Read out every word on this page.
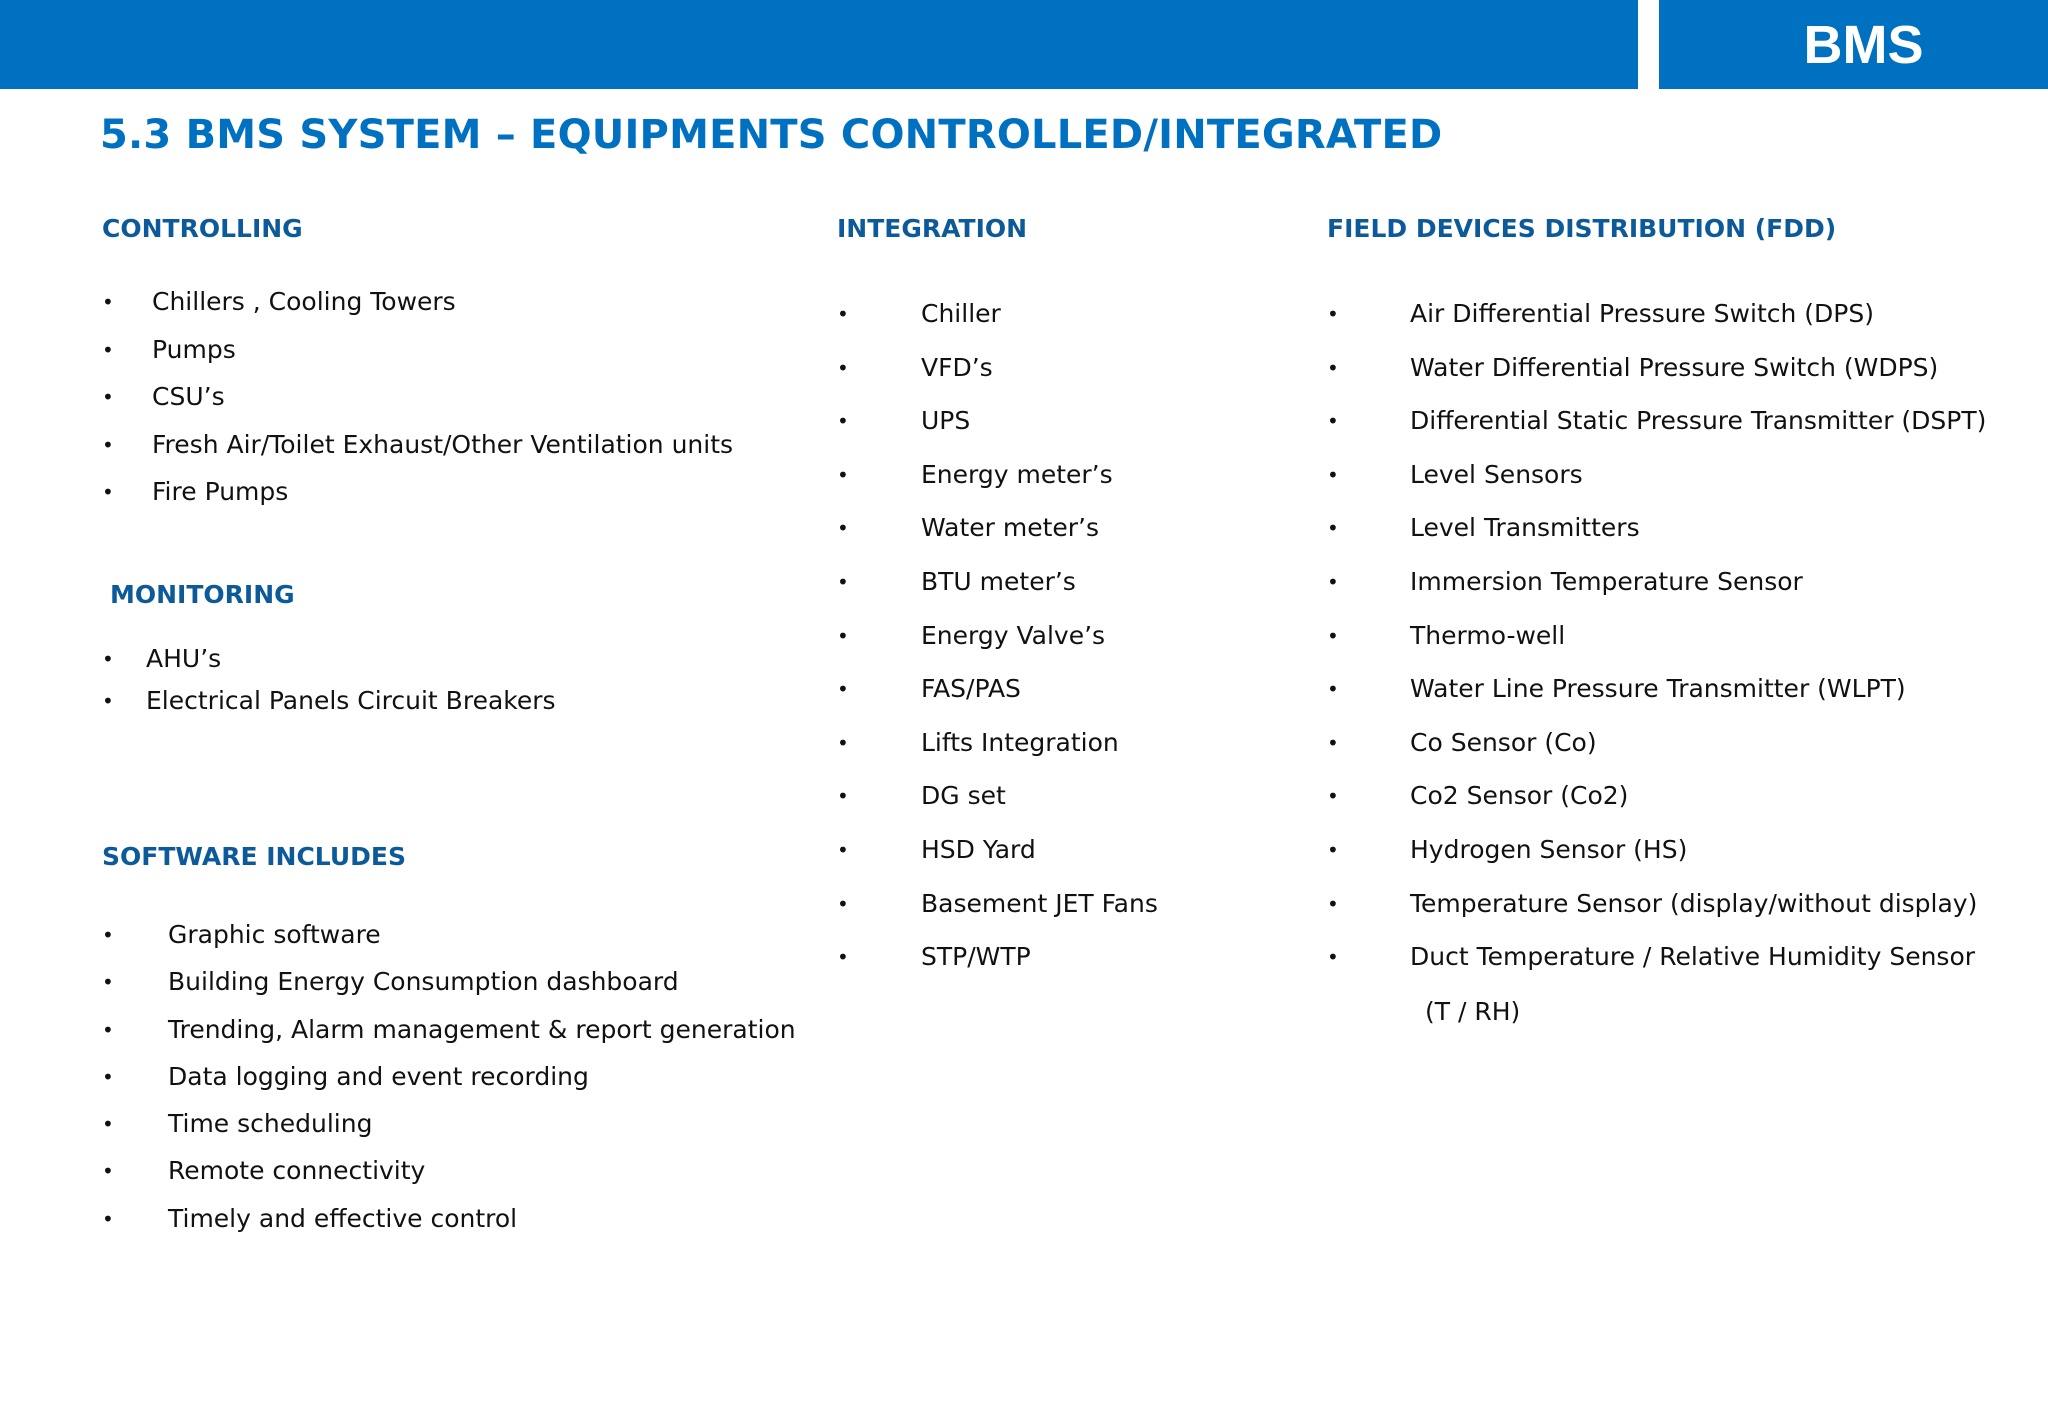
BMS
5.3 BMS SYSTEM – EQUIPMENTS CONTROLLED/INTEGRATED
CONTROLLING
• Chillers , Cooling Towers
• Pumps
• CSU’s
• Fresh Air/Toilet Exhaust/Other Ventilation units
• Fire Pumps
MONITORING
• AHU’s
• Electrical Panels Circuit Breakers
SOFTWARE INCLUDES
• Graphic software
• Building Energy Consumption dashboard
• Trending, Alarm management & report generation
• Data logging and event recording
• Time scheduling
• Remote connectivity
• Timely and effective control
INTEGRATION
•	Chiller
•	VFD’s
•	UPS
•	Energy meter’s
•	Water meter’s
•	BTU meter’s
•	Energy Valve’s
•	FAS/PAS
•	Lifts Integration
•	DG set
•	HSD Yard
•	Basement JET Fans
•	STP/WTP
FIELD DEVICES DISTRIBUTION (FDD)
•	Air Differential Pressure Switch (DPS)
•	Water Differential Pressure Switch (WDPS)
•	Differential Static Pressure Transmitter (DSPT)
•	Level Sensors
•	Level Transmitters
•	Immersion Temperature Sensor
•	Thermo-well
•	Water Line Pressure Transmitter (WLPT)
•	Co Sensor (Co)
•	Co2 Sensor (Co2)
•	Hydrogen Sensor (HS)
•	Temperature Sensor (display/without display)
•	Duct Temperature / Relative Humidity Sensor

(T / RH)
